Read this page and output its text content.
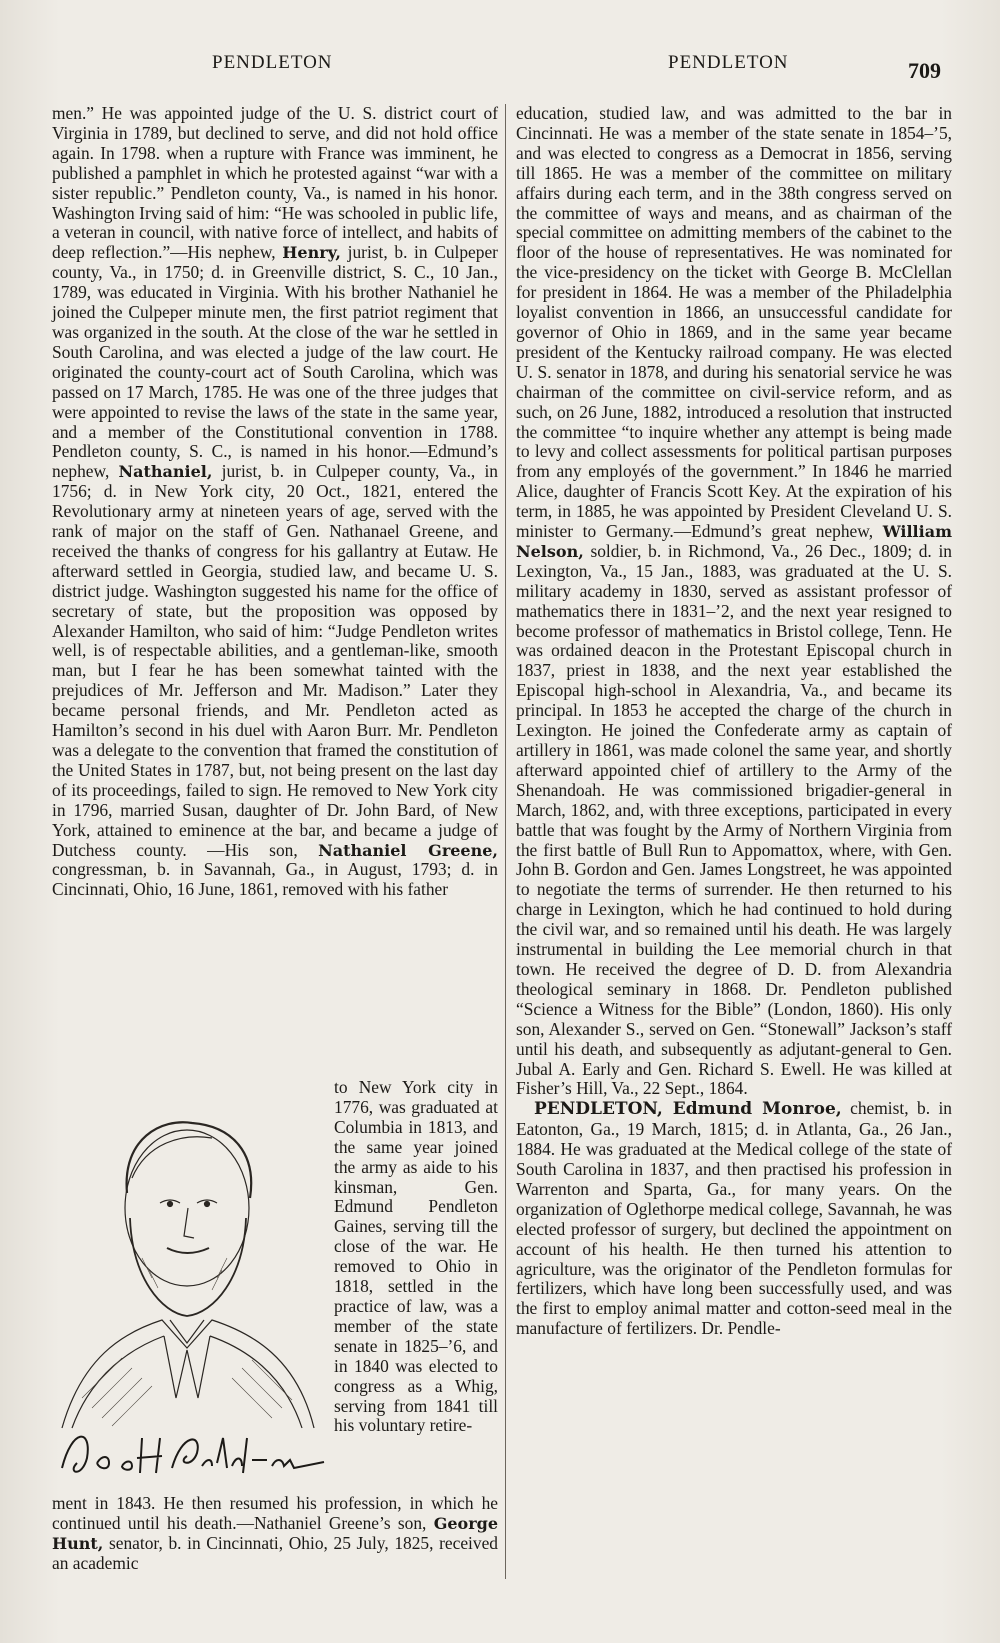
PENDLETON	PENDLETON	709

men.” He was appointed judge of the U. S. district court of Virginia in 1789, but declined to serve, and did not hold office again. In 1798. when a rupture with France was imminent, he published a pamphlet in which he protested against “war with a sister republic.” Pendleton county, Va., is named in his honor. Washington Irving said of him: “He was schooled in public life, a veteran in council, with native force of intellect, and habits of deep reflection.”—His nephew, Henry, jurist, b. in Culpeper county, Va., in 1750; d. in Greenville district, S. C., 10 Jan., 1789, was educated in Virginia. With his brother Nathaniel he joined the Culpeper minute men, the first patriot regiment that was organized in the south. At the close of the war he settled in South Carolina, and was elected a judge of the law court. He originated the county-court act of South Carolina, which was passed on 17 March, 1785. He was one of the three judges that were appointed to revise the laws of the state in the same year, and a member of the Constitutional convention in 1788. Pendleton county, S. C., is named in his honor.—Edmund’s nephew, Nathaniel, jurist, b. in Culpeper county, Va., in 1756; d. in New York city, 20 Oct., 1821, entered the Revolutionary army at nineteen years of age, served with the rank of major on the staff of Gen. Nathanael Greene, and received the thanks of congress for his gallantry at Eutaw. He afterward settled in Georgia, studied law, and became U. S. district judge. Washington suggested his name for the office of secretary of state, but the proposition was opposed by Alexander Hamilton, who said of him: “Judge Pendleton writes well, is of respectable abilities, and a gentleman-like, smooth man, but I fear he has been somewhat tainted with the prejudices of Mr. Jefferson and Mr. Madison.” Later they became personal friends, and Mr. Pendleton acted as Hamilton’s second in his duel with Aaron Burr. Mr. Pendleton was a delegate to the convention that framed the constitution of the United States in 1787, but, not being present on the last day of its proceedings, failed to sign. He removed to New York city in 1796, married Susan, daughter of Dr. John Bard, of New York, attained to eminence at the bar, and became a judge of Dutchess county. —His son, Nathaniel Greene, congressman, b. in Savannah, Ga., in August, 1793; d. in Cincinnati, Ohio, 16 June, 1861, removed with his father

to New York city in 1776, was graduated at Columbia in 1813, and the same year joined the army as aide to his kinsman, Gen. Edmund Pendleton Gaines, serving till the close of the war. He removed to Ohio in 1818, settled in the practice of law, was a member of the state senate in 1825–’6, and in 1840 was elected to congress as a Whig, serving from 1841 till his voluntary retire-
ment in 1843. He then resumed his profession, in which he continued until his death.—Nathaniel Greene’s son, George Hunt, senator, b. in Cincinnati, Ohio, 25 July, 1825, received an academic

education, studied law, and was admitted to the bar in Cincinnati. He was a member of the state senate in 1854–’5, and was elected to congress as a Democrat in 1856, serving till 1865. He was a member of the committee on military affairs during each term, and in the 38th congress served on the committee of ways and means, and as chairman of the special committee on admitting members of the cabinet to the floor of the house of representatives. He was nominated for the vice-presidency on the ticket with George B. McClellan for president in 1864. He was a member of the Philadelphia loyalist convention in 1866, an unsuccessful candidate for governor of Ohio in 1869, and in the same year became president of the Kentucky railroad company. He was elected U. S. senator in 1878, and during his senatorial service he was chairman of the committee on civil-service reform, and as such, on 26 June, 1882, introduced a resolution that instructed the committee “to inquire whether any attempt is being made to levy and collect assessments for political partisan purposes from any employés of the government.” In 1846 he married Alice, daughter of Francis Scott Key. At the expiration of his term, in 1885, he was appointed by President Cleveland U. S. minister to Germany.—Edmund’s great nephew, William Nelson, soldier, b. in Richmond, Va., 26 Dec., 1809; d. in Lexington, Va., 15 Jan., 1883, was graduated at the U. S. military academy in 1830, served as assistant professor of mathematics there in 1831–’2, and the next year resigned to become professor of mathematics in Bristol college, Tenn. He was ordained deacon in the Protestant Episcopal church in 1837, priest in 1838, and the next year established the Episcopal high-school in Alexandria, Va., and became its principal. In 1853 he accepted the charge of the church in Lexington. He joined the Confederate army as captain of artillery in 1861, was made colonel the same year, and shortly afterward appointed chief of artillery to the Army of the Shenandoah. He was commissioned brigadier-general in March, 1862, and, with three exceptions, participated in every battle that was fought by the Army of Northern Virginia from the first battle of Bull Run to Appomattox, where, with Gen. John B. Gordon and Gen. James Longstreet, he was appointed to negotiate the terms of surrender. He then returned to his charge in Lexington, which he had continued to hold during the civil war, and so remained until his death. He was largely instrumental in building the Lee memorial church in that town. He received the degree of D. D. from Alexandria theological seminary in 1868. Dr. Pendleton published “Science a Witness for the Bible” (London, 1860). His only son, Alexander S., served on Gen. “Stonewall” Jackson’s staff until his death, and subsequently as adjutant-general to Gen. Jubal A. Early and Gen. Richard S. Ewell. He was killed at Fisher’s Hill, Va., 22 Sept., 1864.

PENDLETON, Edmund Monroe, chemist, b. in Eatonton, Ga., 19 March, 1815; d. in Atlanta, Ga., 26 Jan., 1884. He was graduated at the Medical college of the state of South Carolina in 1837, and then practised his profession in Warrenton and Sparta, Ga., for many years. On the organization of Oglethorpe medical college, Savannah, he was elected professor of surgery, but declined the appointment on account of his health. He then turned his attention to agriculture, was the originator of the Pendleton formulas for fertilizers, which have long been successfully used, and was the first to employ animal matter and cotton-seed meal in the manufacture of fertilizers. Dr. Pendle-
